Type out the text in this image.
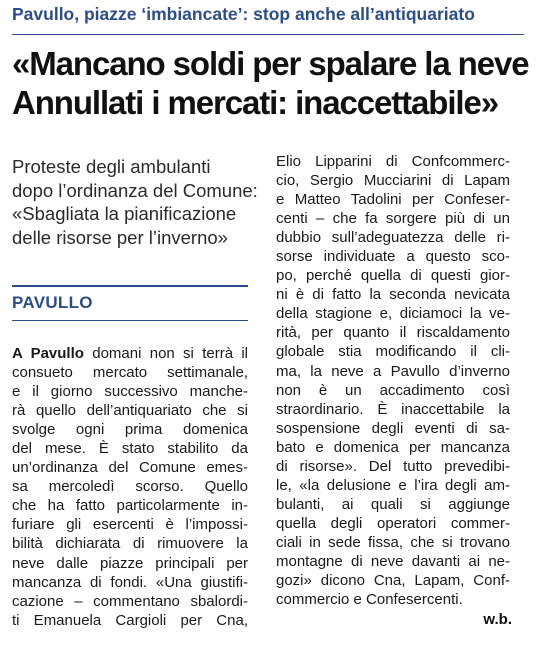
Pavullo, piazze ‘imbiancate’: stop anche all’antiquariato
«Mancano soldi per spalare la neve
Annullati i mercati: inaccettabile»
Proteste degli ambulanti
dopo l’ordinanza del Comune:
«Sbagliata la pianificazione
delle risorse per l’inverno»
PAVULLO
A Pavullo domani non si terrà il
consueto mercato settimanale,
e il giorno successivo manche-
rà quello dell’antiquariato che si
svolge ogni prima domenica
del mese. È stato stabilito da
un’ordinanza del Comune emes-
sa mercoledì scorso. Quello
che ha fatto particolarmente in-
furiare gli esercenti è l’impossi-
bilità dichiarata di rimuovere la
neve dalle piazze principali per
mancanza di fondi. «Una giustifi-
cazione – commentano sbalordi-
ti Emanuela Cargioli per Cna,
Elio Lipparini di Confcommerc-
cio, Sergio Mucciarini di Lapam
e Matteo Tadolini per Confeser-
centi – che fa sorgere più di un
dubbio sull’adeguatezza delle ri-
sorse individuate a questo sco-
po, perché quella di questi gior-
ni è di fatto la seconda nevicata
della stagione e, diciamoci la ve-
rità, per quanto il riscaldamento
globale stia modificando il cli-
ma, la neve a Pavullo d’inverno
non è un accadimento così
straordinario. È inaccettabile la
sospensione degli eventi di sa-
bato e domenica per mancanza
di risorse». Del tutto prevedibi-
le, «la delusione e l’ira degli am-
bulanti, ai quali si aggiunge
quella degli operatori commer-
ciali in sede fissa, che si trovano
montagne di neve davanti ai ne-
gozi» dicono Cna, Lapam, Conf-
commercio e Confesercenti.
w.b.
